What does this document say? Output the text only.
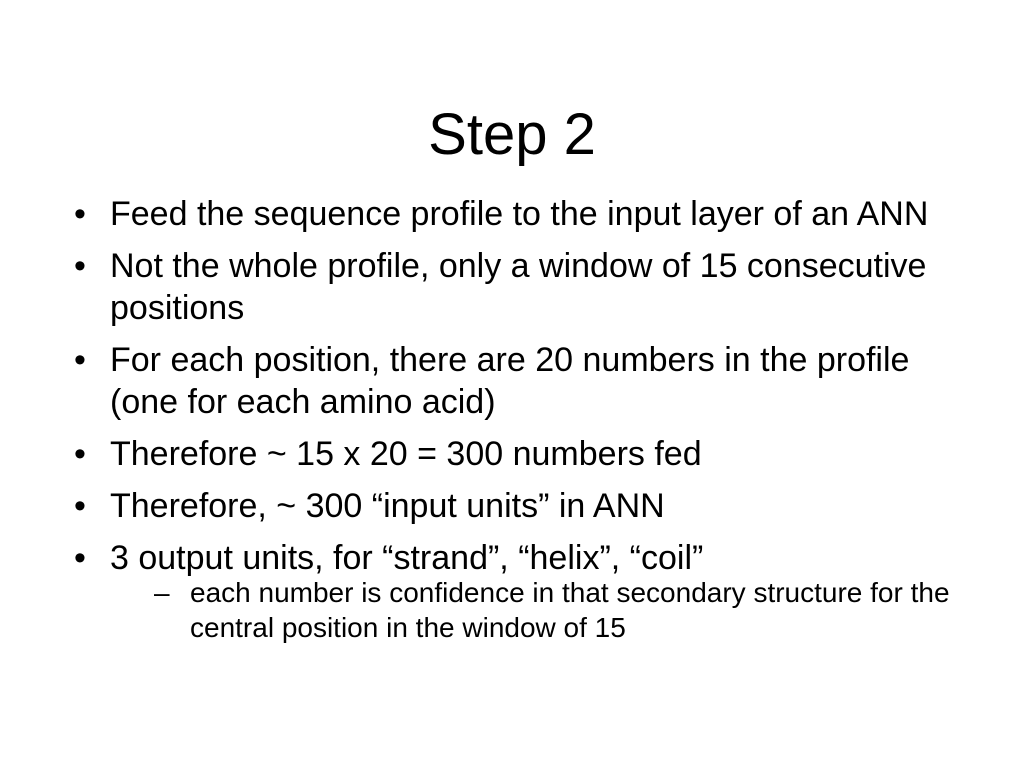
Step 2
• Feed the sequence profile to the input layer of an ANN
• Not the whole profile, only a window of 15 consecutive positions
• For each position, there are 20 numbers in the profile (one for each amino acid)
• Therefore ~ 15 x 20 = 300 numbers fed
• Therefore, ~ 300 “input units” in ANN
• 3 output units, for “strand”, “helix”, “coil”
– each number is confidence in that secondary structure for the central position in the window of 15
